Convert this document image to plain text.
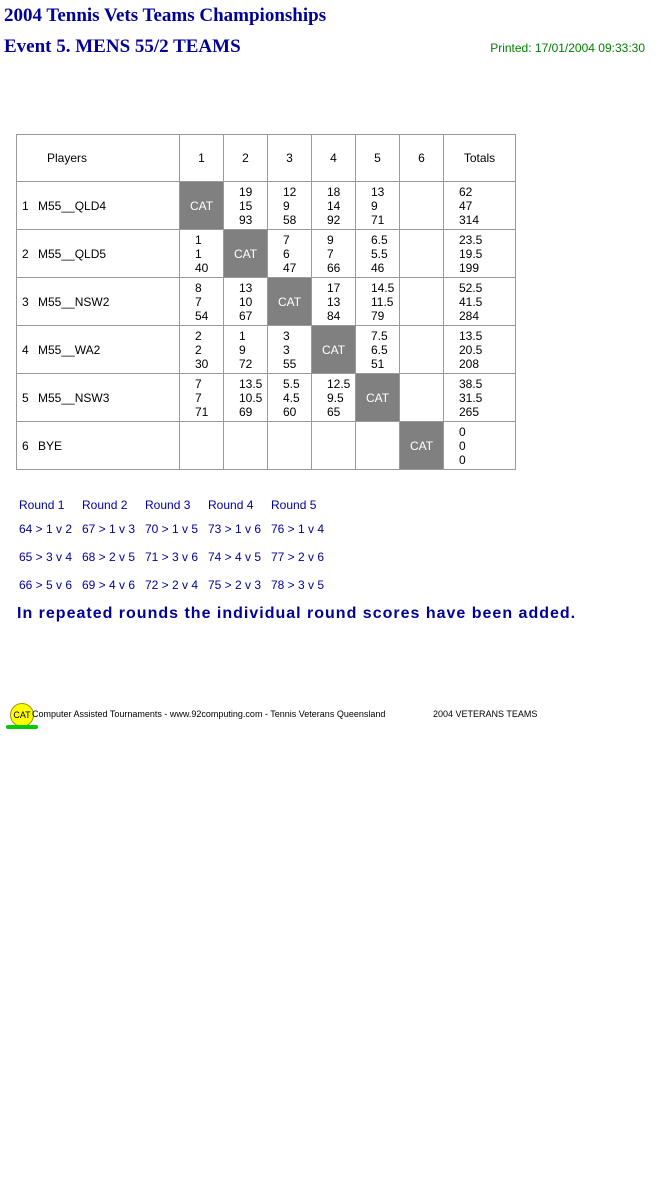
2004 Tennis Vets Teams Championships
Event 5. MENS 55/2 TEAMS	Printed: 17/01/2004 09:33:30
Players	1	2	3	4	5	6	Totals
1 M55__QLD4	CAT	19
15
93	12
9
58	18
14
92	13
9
71		62
47
314
2 M55__QLD5	1
1
40	CAT	7
6
47	9
7
66	6.5
5.5
46		23.5
19.5
199
3 M55__NSW2	8
7
54	13
10
67	CAT	17
13
84	14.5
11.5
79		52.5
41.5
284
4 M55__WA2	2
2
30	1
9
72	3
3
55	CAT	7.5
6.5
51		13.5
20.5
208
5 M55__NSW3	7
7
71	13.5
10.5
69	5.5
4.5
60	12.5
9.5
65	CAT		38.5
31.5
265
6 BYE						CAT	0
0
0
Round 1	Round 2	Round 3	Round 4	Round 5
64 > 1 v 2 67 > 1 v 3 70 > 1 v 5 73 > 1 v 6 76 > 1 v 4
65 > 3 v 4 68 > 2 v 5 71 > 3 v 6 74 > 4 v 5 77 > 2 v 6
66 > 5 v 6 69 > 4 v 6 72 > 2 v 4 75 > 2 v 3 78 > 3 v 5
In repeated rounds the individual round scores have been added.
CAT Computer Assisted Tournaments - www.92computing.com - Tennis Veterans Queensland	2004 VETERANS TEAMS
